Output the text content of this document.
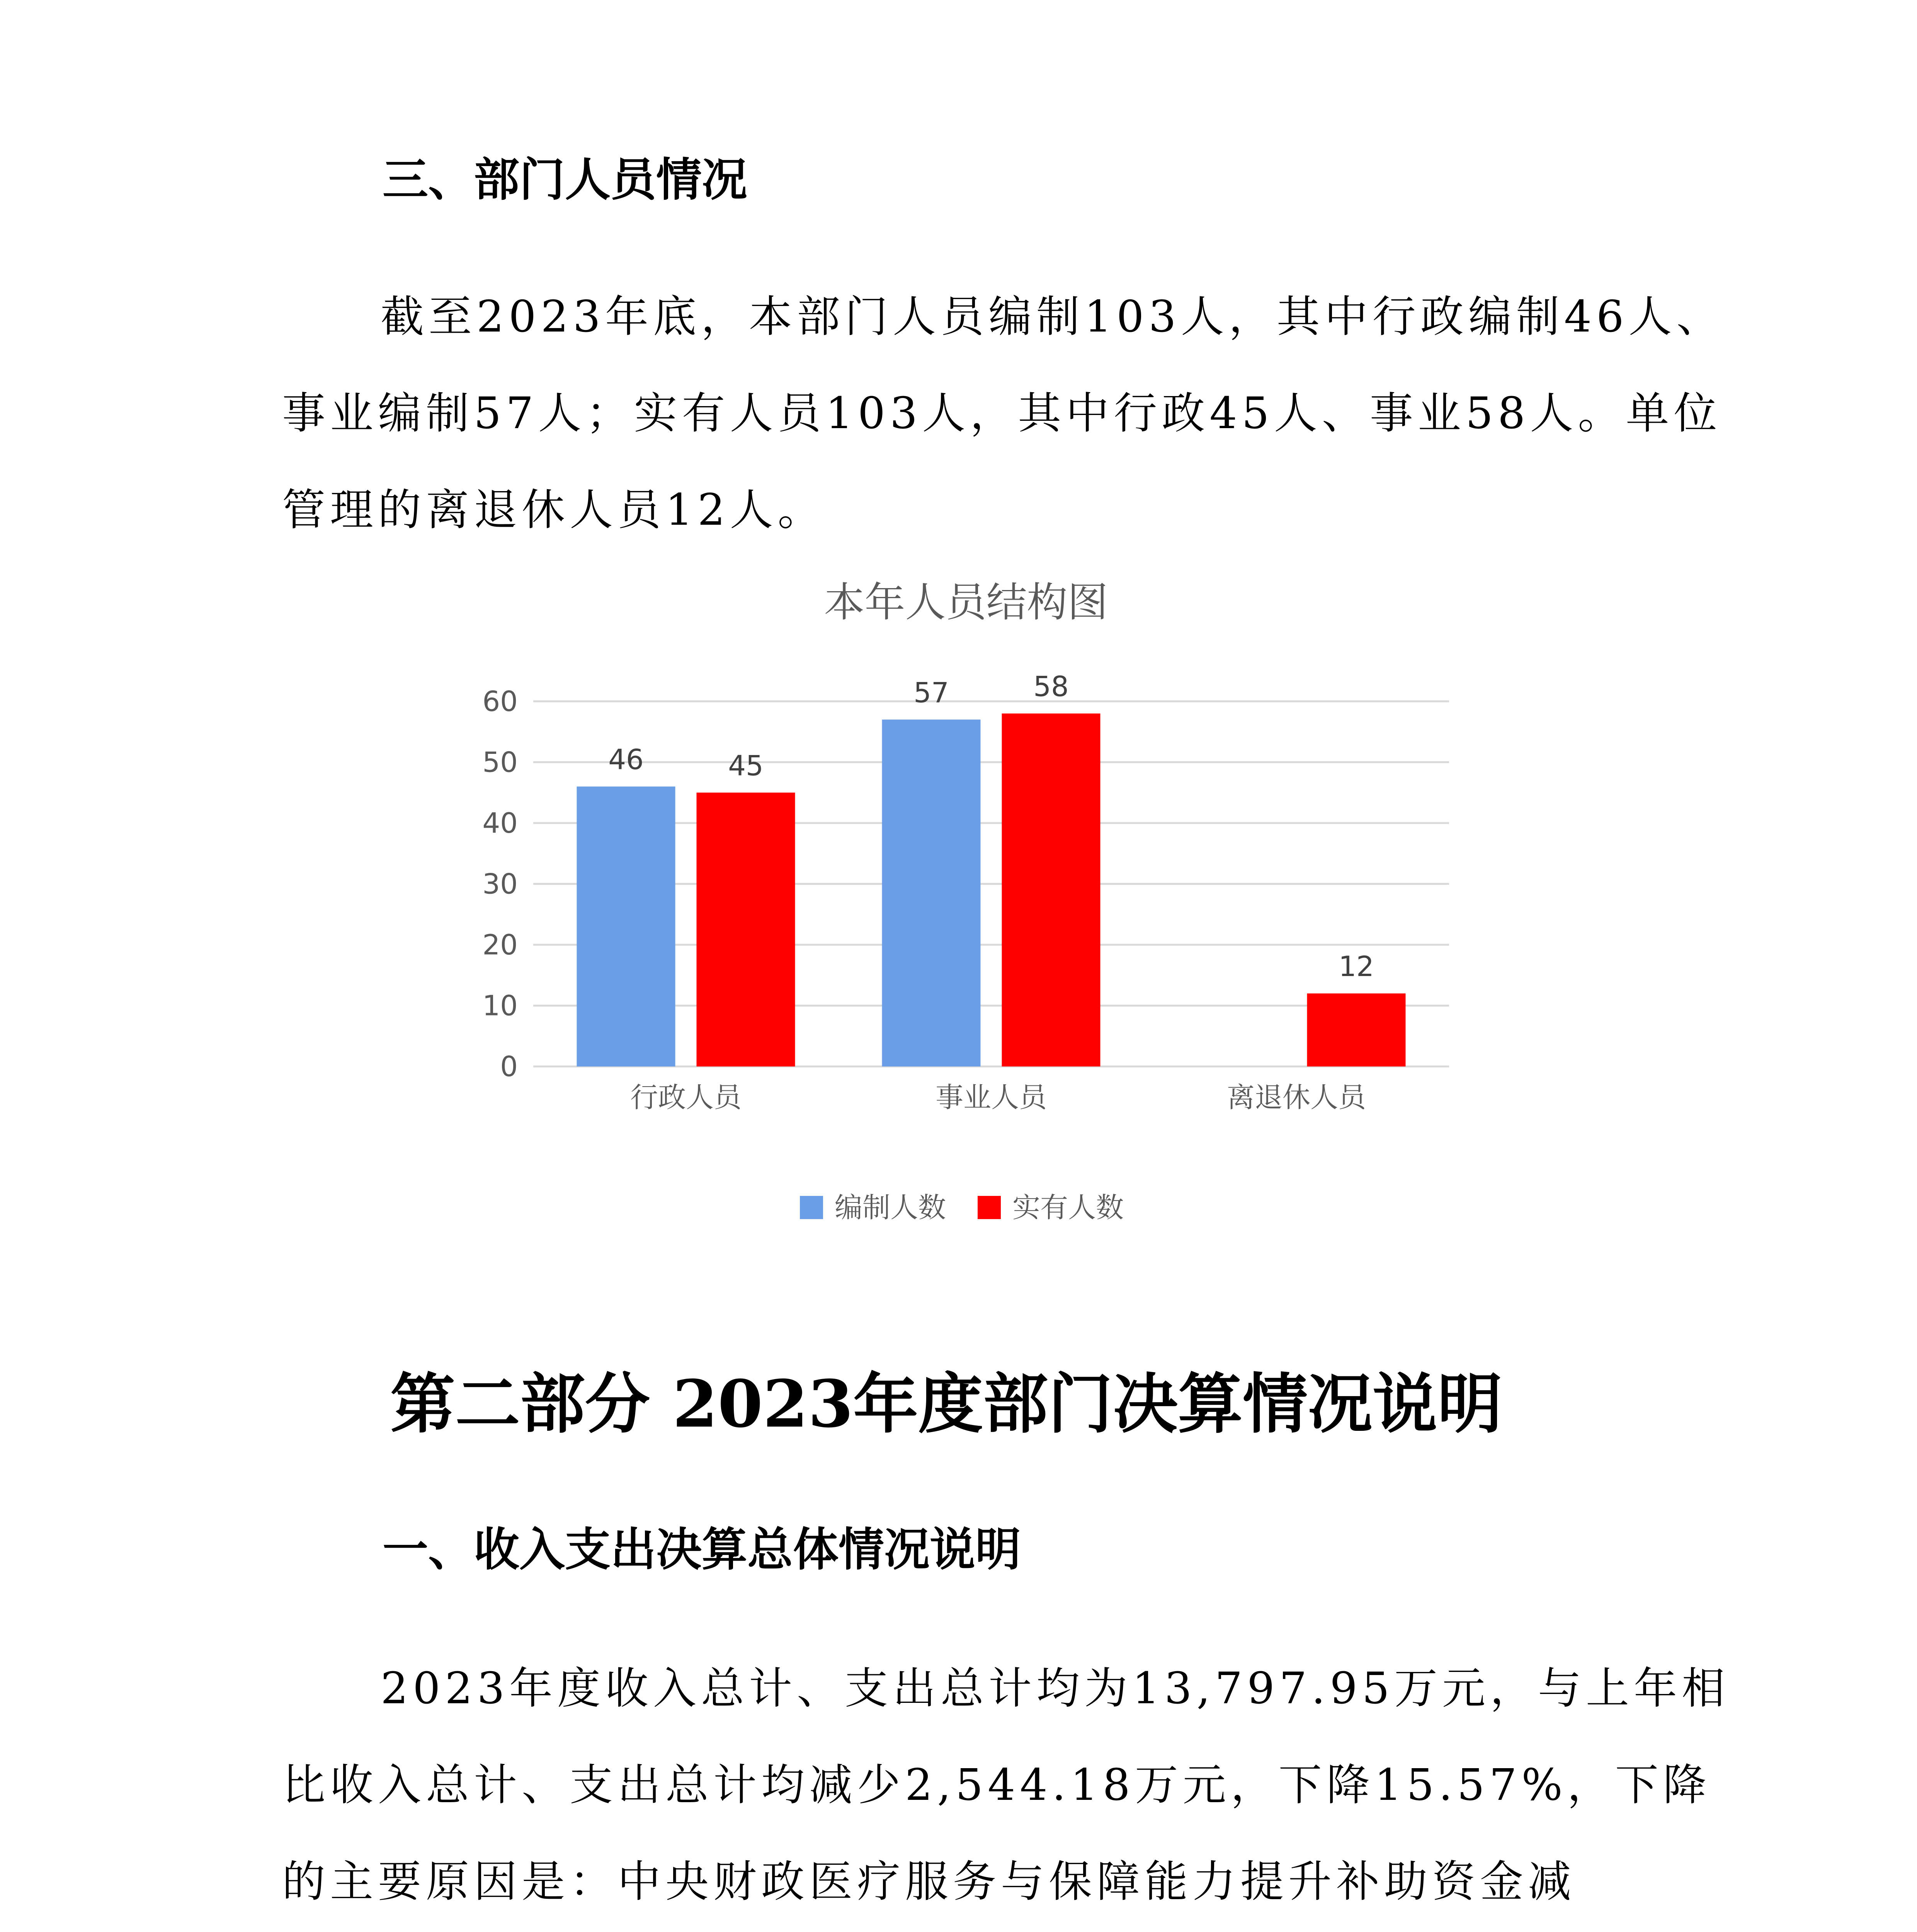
三、部门人员情况
截至2023年底，本部门人员编制103人，其中行政编制46人、
事业编制57人；实有人员103人，其中行政45人、事业58人。单位
管理的离退休人员12人。
本年人员结构图
0
10
20
30
40
50
60
46	45
行政人员
57	58
事业人员
12
离退休人员
编制人数 实有人数
第二部分 2023年度部门决算情况说明
一、收入支出决算总体情况说明
2023年度收入总计、支出总计均为13,797.95万元，与上年相
比收入总计、支出总计均减少2,544.18万元，下降15.57%，下降
的主要原因是：中央财政医疗服务与保障能力提升补助资金减
